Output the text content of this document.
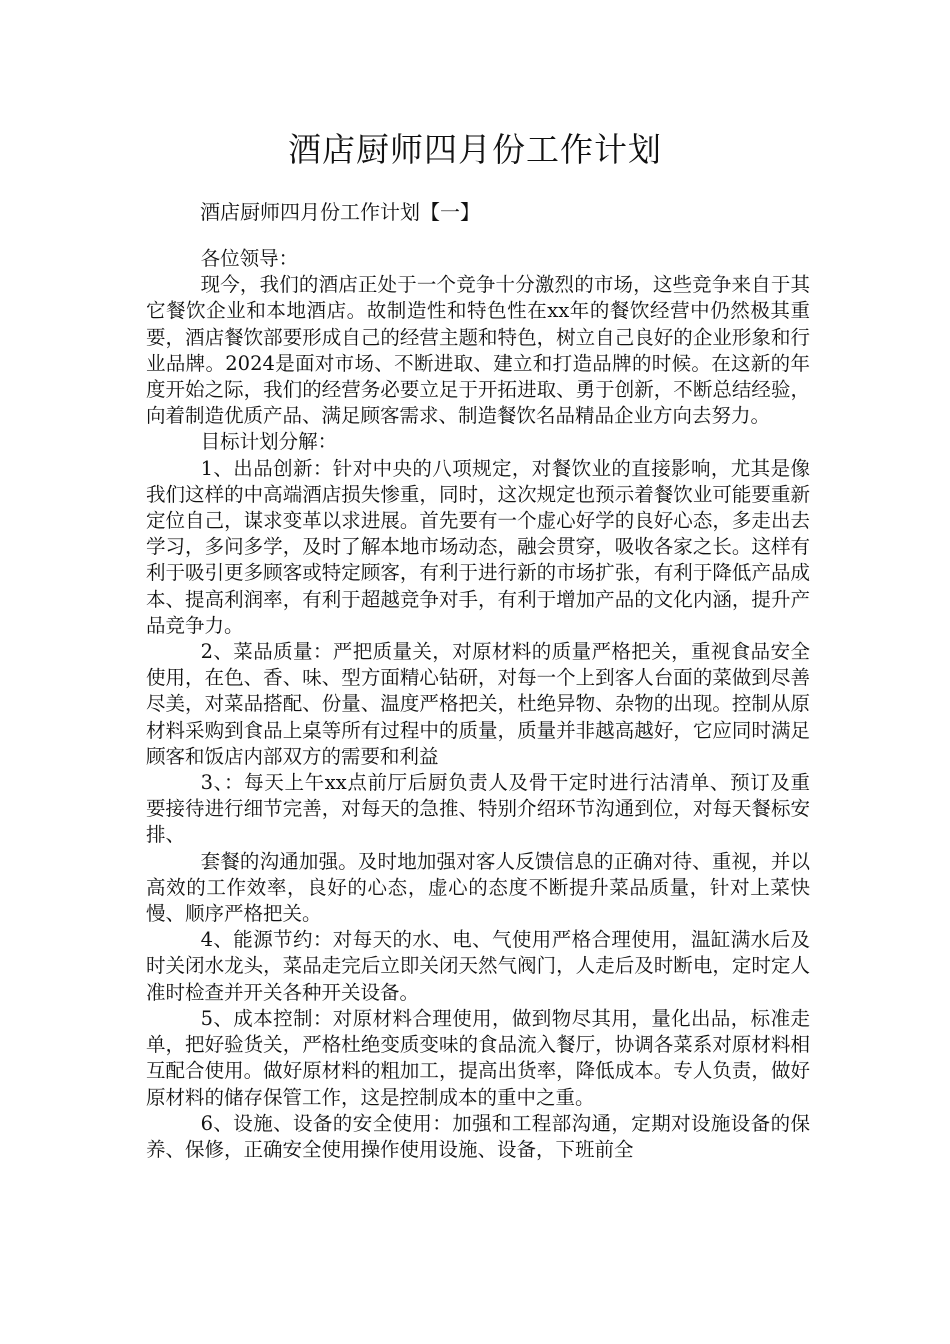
酒店厨师四月份工作计划

酒店厨师四月份工作计划【一】

各位领导：

现今，我们的酒店正处于一个竞争十分激烈的市场，这些竞争来自于其它餐饮企业和本地酒店。故制造性和特色性在xx年的餐饮经营中仍然极其重要，酒店餐饮部要形成自己的经营主题和特色，树立自己良好的企业形象和行业品牌。2024是面对市场、不断进取、建立和打造品牌的时候。在这新的年度开始之际，我们的经营务必要立足于开拓进取、勇于创新，不断总结经验，向着制造优质产品、满足顾客需求、制造餐饮名品精品企业方向去努力。

目标计划分解：

1、出品创新：针对中央的八项规定，对餐饮业的直接影响，尤其是像我们这样的中高端酒店损失惨重，同时，这次规定也预示着餐饮业可能要重新定位自己，谋求变革以求进展。首先要有一个虚心好学的良好心态，多走出去学习，多问多学，及时了解本地市场动态，融会贯穿，吸收各家之长。这样有利于吸引更多顾客或特定顾客，有利于进行新的市场扩张，有利于降低产品成本、提高利润率，有利于超越竞争对手，有利于增加产品的文化内涵，提升产品竞争力。

2、菜品质量：严把质量关，对原材料的质量严格把关，重视食品安全使用，在色、香、味、型方面精心钻研，对每一个上到客人台面的菜做到尽善尽美，对菜品搭配、份量、温度严格把关，杜绝异物、杂物的出现。控制从原材料采购到食品上桌等所有过程中的质量，质量并非越高越好，它应同时满足顾客和饭店内部双方的需要和利益

3、：每天上午xx点前厅后厨负责人及骨干定时进行沽清单、预订及重要接待进行细节完善，对每天的急推、特别介绍环节沟通到位，对每天餐标安排、

套餐的沟通加强。及时地加强对客人反馈信息的正确对待、重视，并以高效的工作效率，良好的心态，虚心的态度不断提升菜品质量，针对上菜快慢、顺序严格把关。

4、能源节约：对每天的水、电、气使用严格合理使用，温缸满水后及时关闭水龙头，菜品走完后立即关闭天然气阀门，人走后及时断电，定时定人准时检查并开关各种开关设备。

5、成本控制：对原材料合理使用，做到物尽其用，量化出品，标准走单，把好验货关，严格杜绝变质变味的食品流入餐厅，协调各菜系对原材料相互配合使用。做好原材料的粗加工，提高出货率，降低成本。专人负责，做好原材料的储存保管工作，这是控制成本的重中之重。

6、设施、设备的安全使用：加强和工程部沟通，定期对设施设备的保养、保修，正确安全使用操作使用设施、设备，下班前全
